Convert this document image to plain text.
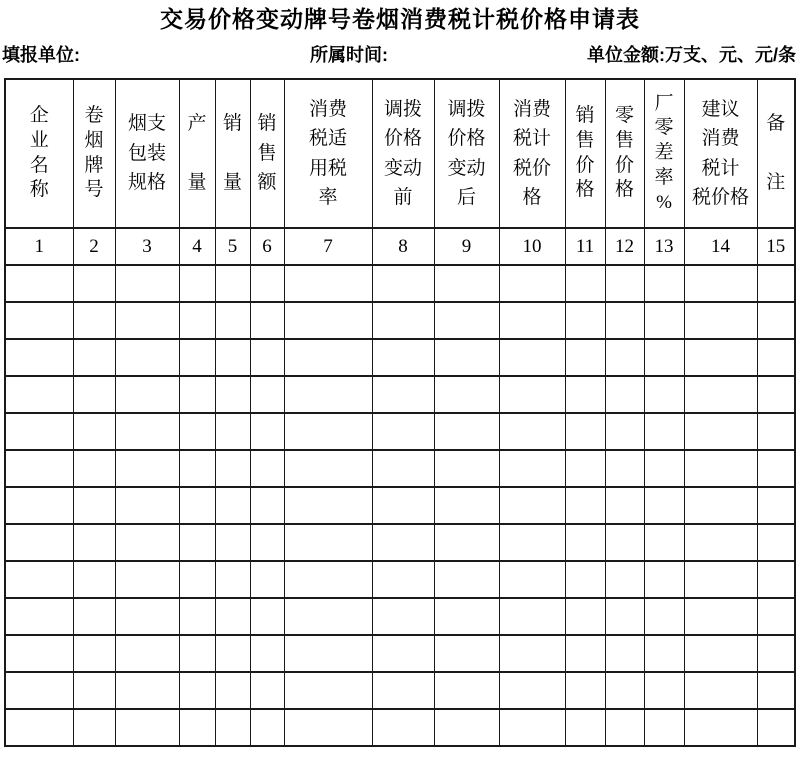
交易价格变动牌号卷烟消费税计税价格申请表
填报单位:	所属时间:	单位金额:万支、元、元/条
企
业
名
称	卷
烟
牌
号	烟支
包装
规格	产

量	销

量	销
售
额	消费
税适
用税
率	调拨
价格
变动
前	调拨
价格
变动
后	消费
税计
税价
格	销
售
价
格	零
售
价
格	厂
零
差
率
%	建议
消费
税计
税价格	备

注
1	2	3	4	5	6	7	8	9	10	11	12	13	14	15
